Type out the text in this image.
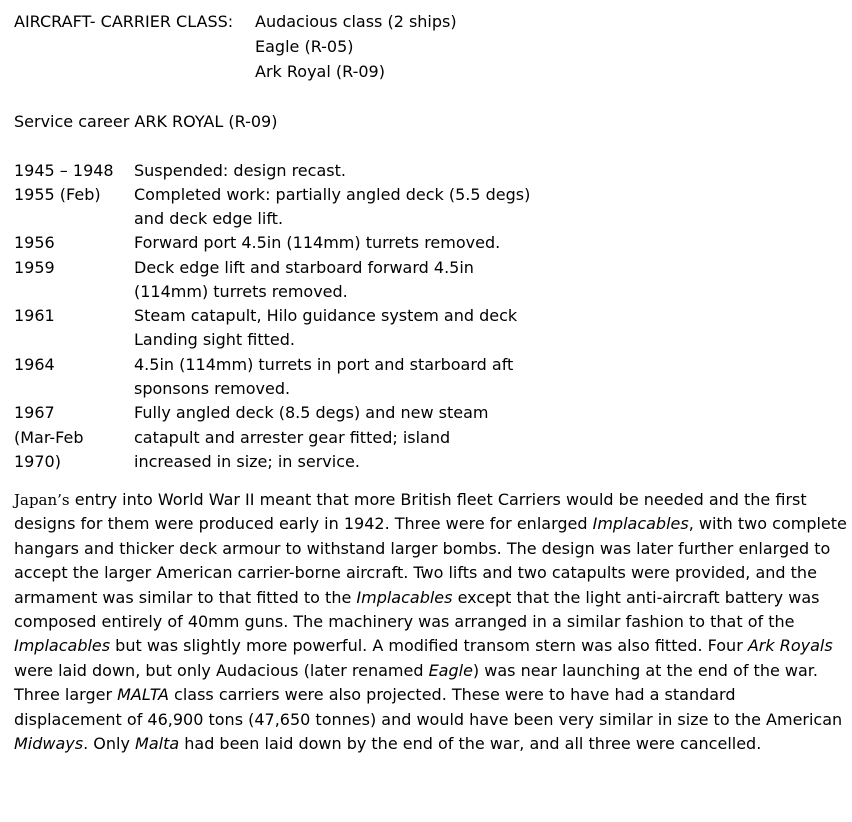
AIRCRAFT- CARRIER CLASS: Audacious class (2 ships)
Eagle (R-05)
Ark Royal (R-09)
Service career ARK ROYAL (R-09)
1945 – 1948 Suspended: design recast.
1955 (Feb) Completed work: partially angled deck (5.5 degs)
and deck edge lift.
1956	Forward port 4.5in (114mm) turrets removed.
1959	Deck edge lift and starboard forward 4.5in
(114mm) turrets removed.
1961	Steam catapult, Hilo guidance system and deck
Landing sight fitted.
1964	4.5in (114mm) turrets in port and starboard aft
sponsons removed.
1967	Fully angled deck (8.5 degs) and new steam
(Mar-Feb	catapult and arrester gear fitted; island
1970)	increased in size; in service.

Japan’s entry into World War II meant that more British fleet Carriers would be needed and the first designs for them were produced early in 1942. Three were for enlarged Implacables, with two complete hangars and thicker deck armour to withstand larger bombs. The design was later further enlarged to accept the larger American carrier-borne aircraft. Two lifts and two catapults were provided, and the armament was similar to that fitted to the Implacables except that the light anti-aircraft battery was composed entirely of 40mm guns. The machinery was arranged in a similar fashion to that of the Implacables but was slightly more powerful. A modified transom stern was also fitted. Four Ark Royals were laid down, but only Audacious (later renamed Eagle) was near launching at the end of the war.

Three larger MALTA class carriers were also projected. These were to have had a standard displacement of 46,900 tons (47,650 tonnes) and would have been very similar in size to the American Midways. Only Malta had been laid down by the end of the war, and all three were cancelled.
